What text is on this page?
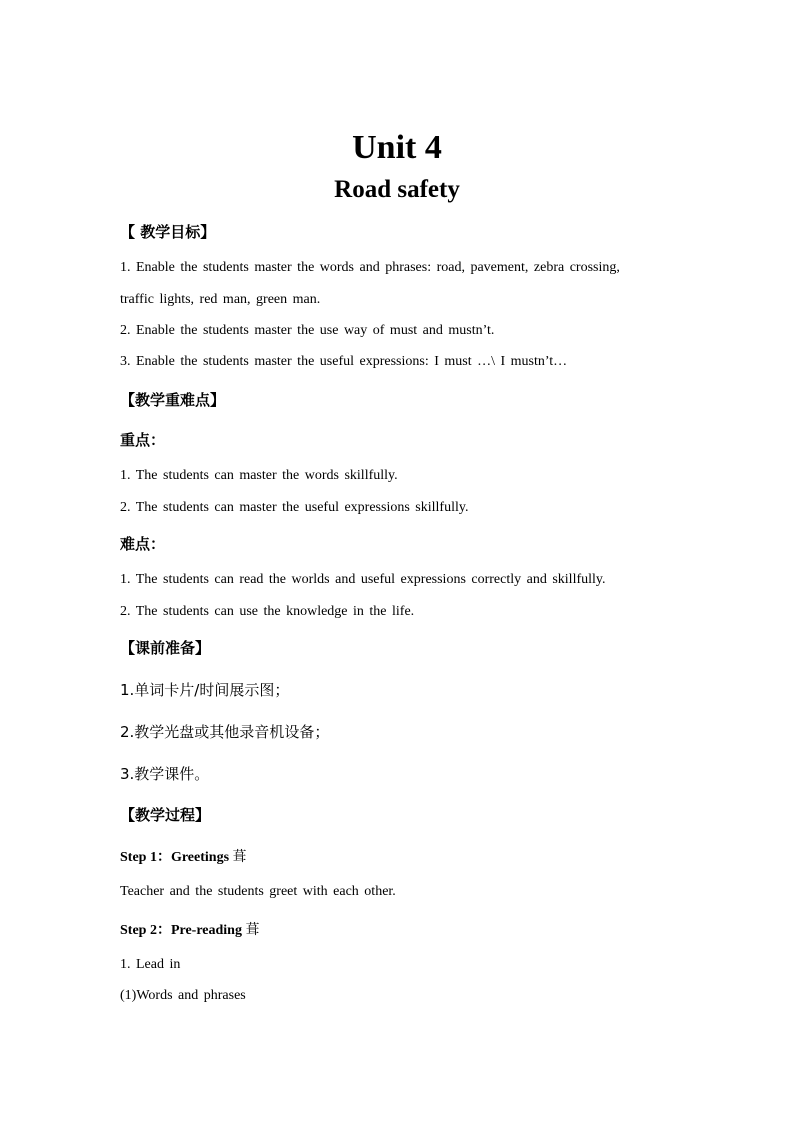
Unit 4
Road safety

【 教学目标】

1. Enable the students master the words and phrases: road, pavement, zebra crossing,

traffic lights, red man, green man.

2. Enable the students master the use way of must and mustn’t.

3. Enable the students master the useful expressions: I must …\ I mustn’t…

【教学重难点】

重点：

1. The students can master the words skillfully.

2. The students can master the useful expressions skillfully.

难点：

1. The students can read the worlds and useful expressions correctly and skillfully.

2. The students can use the knowledge in the life.

【课前准备】

1.单词卡片/时间展示图；

2.教学光盘或其他录音机设备；

3.教学课件。

【教学过程】

Step 1：Greetings 葺

Teacher and the students greet with each other.

Step 2：Pre-reading 葺

1. Lead in

(1)Words and phrases
